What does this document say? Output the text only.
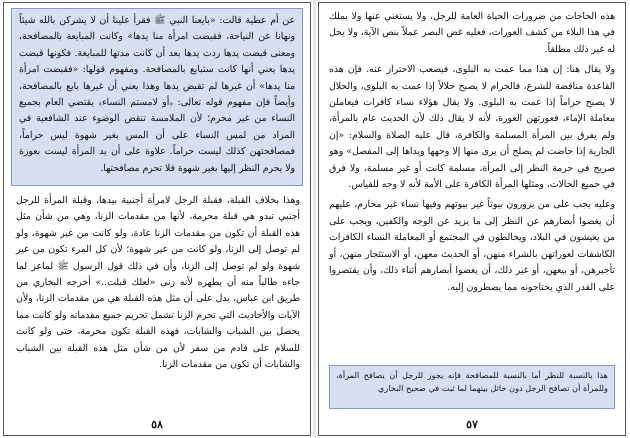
عن أم عطية قالت: «بايعنا النبي ﷺ فقرأ علينا أن لا يشركن بالله شيئاً ونهانا عن النياحة، فقبضت امرأة منا يدها» وكانت المبايعة بالمصافحة، ومعنى قبضت يدها ردت يدها بعد أن كانت مدتها للمبايعة. فكونها قبضت يدها يعني أنها كانت ستبايع بالمصافحة. ومفهوم قولها: «فقبضت امرأة منا يدها» أن غيرها لم تقبض يدها وهذا يعني أن غيرها بايع بالمصافحة، وأيضاً فإن مفهوم قوله تعالى: ﴿أو لامستم النساء﴾ يقتضي العام بجميع النساء من غير محرم؛ لأن الملامسة تنقض الوضوء عند الشافعية في المراد من لمس النساء على أن المس بغير شهوة ليس حراماً، فمصافحتهن كذلك ليست حراماً. علاوة على أن يد المرأة ليست بعورة ولا يحرم النظر إليها بغير شهوة فلا تحرم مصافحتها.

وهذا بخلاف القبلة، فقبلة الرجل لامرأة أجنبية بيدها، وقبلة المرأة للرجل أجنبي تبدو هي قبلة محرمة، لأنها من مقدمات الزنا، وهي من شأن مثل هذه القبلة أن تكون من مقدمات الزنا عادة، ولو كانت من غير شهوة، ولو لم توصل إلى الزنا، ولو كانت من غير شهوة؛ لأن كل المرء تكون من غير شهوة ولو لم توصل إلى الزنا، وأن في ذلك قول الرسول ﷺ لماعز لما جاءه طالباً منه أن يطهره لأنه زنى «لعلك قبلت..» أخرجه البخاري من طريق ابن عباس، يدل على أن مثل هذه القبلة هي من مقدمات الزنا، ولأن الآيات والأحاديث التي تحرم الزنا تشمل تحريم جميع مقدماته ولو كانت مما يحصل بين الشباب والشابات، فهذه القبلة تكون محرمة، حتى ولو كانت للسلام على قادم من سفر لأن من شأن مثل هذه القبلة بين الشباب والشابات أن تكون من مقدمات الزنا.

٥٨

هذه الحاجات من ضرورات الحياة العامة للرجل، ولا يستغني عنها ولا يملك في هذا البلاء من كشف العورات، فعليه غض البصر عملاً بنص الآية، ولا يحل له غير ذلك مطلقاً.

ولا يقال هنا: إن هذا مما عمت به البلوى، فيصعب الاحتراز عنه. فإن هذه القاعدة مناقضة للشرع، فالحرام لا يصبح حلالاً إذا عمت به البلوى، والحلال لا يصبح حراماً إذا عمت به البلوى. ولا يقال هؤلاء نساء كافرات فيعاملن معاملة الإماء، فعورتهن العورة، لأنه لا يقال ذلك لأن الحديث عام بالمرأة، ولم يفرق بين المرأة المسلمة والكافرة، قال عليه الصلاة والسلام: «إن الجارية إذا حاضت لم يصلح أن يرى منها إلا وجهها ويداها إلى المفصل» وهو صريح في حرمة النظر إلى المرأة، مسلمة كانت أو غير مسلمة، ولا فرق في جميع الحالات، ومثلها المرأة الكافرة على الأمة لأنه لا وجه للقياس.

وعليه يجب على من يزورون بيوتاً غير بيوتهم وفيها نساء غير محارم، عليهم أن يغضوا أبصارهم عن النظر إلى ما يزيد عن الوجه والكفين، ويجب على من يعيشون في البلاد، ويخالطون في المجتمع أو المعاملة النساء الكافرات الكاشفات لعوراتهن بالشراء منهن، أو الحديث معهن، أو الاستئجار منهن، أو تأجيرهن، أو بيعهن، أو غير ذلك، أن يغضوا أبصارهم أثناء ذلك، وأن يقتصروا على القدر الذي يحتاجونه مما يضطرون إليه.

هذا بالنسبة للنظر أما بالنسبة للمصافحة فإنه يجوز للرجل أن يصافح المرأة، وللمرأة أن تصافح الرجل دون حائل بينهما لما ثبت في صحيح البخاري

٥٧
